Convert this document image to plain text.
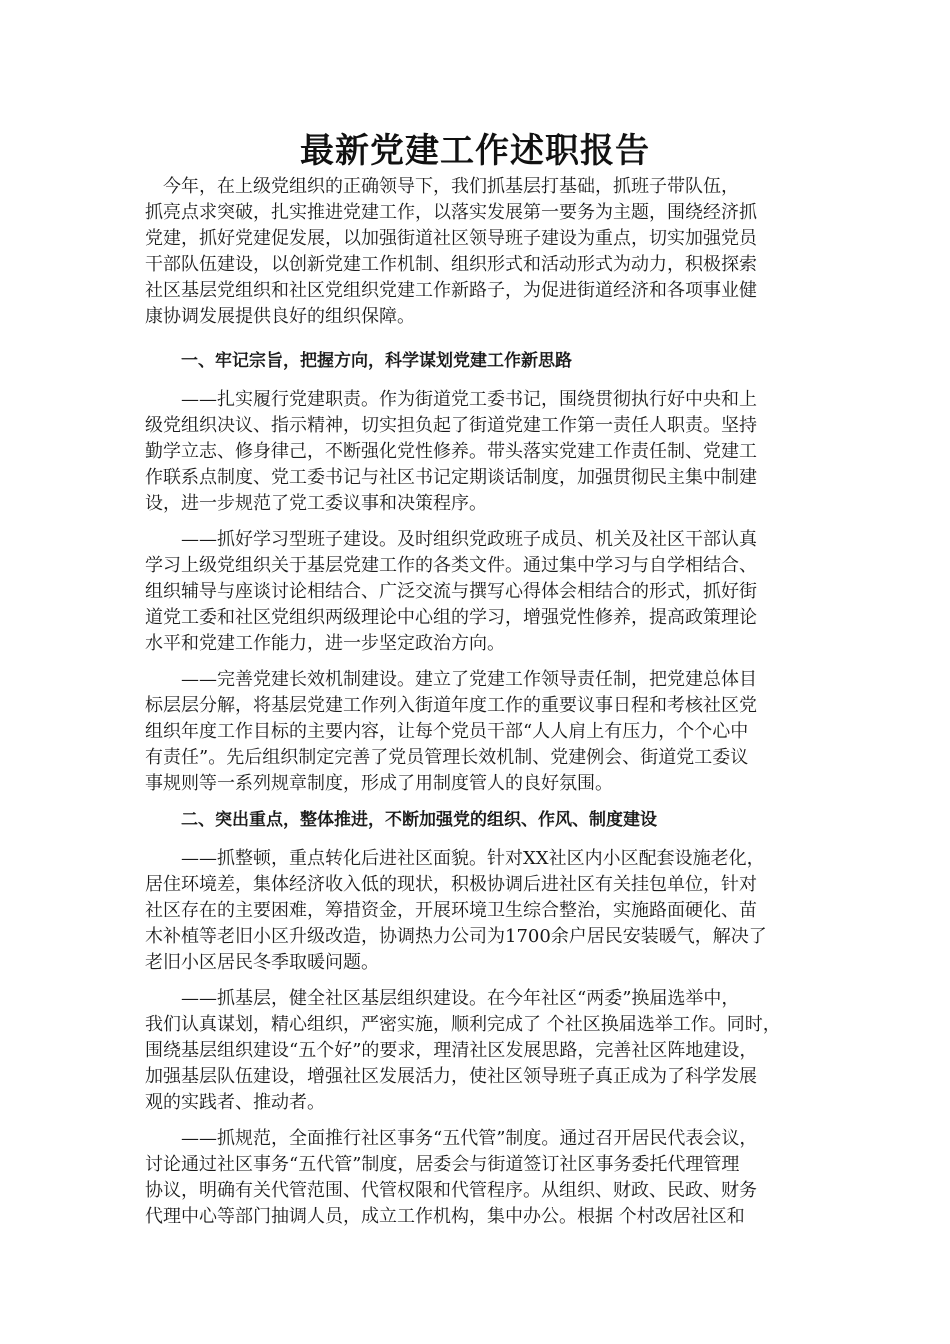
最新党建工作述职报告
　今年，在上级党组织的正确领导下，我们抓基层打基础，抓班子带队伍，
抓亮点求突破，扎实推进党建工作，以落实发展第一要务为主题，围绕经济抓
党建，抓好党建促发展，以加强街道社区领导班子建设为重点，切实加强党员
干部队伍建设，以创新党建工作机制、组织形式和活动形式为动力，积极探索
社区基层党组织和社区党组织党建工作新路子，为促进街道经济和各项事业健
康协调发展提供良好的组织保障。
一、牢记宗旨，把握方向，科学谋划党建工作新思路
　　——扎实履行党建职责。作为街道党工委书记，围绕贯彻执行好中央和上
级党组织决议、指示精神，切实担负起了街道党建工作第一责任人职责。坚持
勤学立志、修身律己，不断强化党性修养。带头落实党建工作责任制、党建工
作联系点制度、党工委书记与社区书记定期谈话制度，加强贯彻民主集中制建
设，进一步规范了党工委议事和决策程序。
　　——抓好学习型班子建设。及时组织党政班子成员、机关及社区干部认真
学习上级党组织关于基层党建工作的各类文件。通过集中学习与自学相结合、
组织辅导与座谈讨论相结合、广泛交流与撰写心得体会相结合的形式，抓好街
道党工委和社区党组织两级理论中心组的学习，增强党性修养，提高政策理论
水平和党建工作能力，进一步坚定政治方向。
　　——完善党建长效机制建设。建立了党建工作领导责任制，把党建总体目
标层层分解，将基层党建工作列入街道年度工作的重要议事日程和考核社区党
组织年度工作目标的主要内容，让每个党员干部“人人肩上有压力，个个心中
有责任”。先后组织制定完善了党员管理长效机制、党建例会、街道党工委议
事规则等一系列规章制度，形成了用制度管人的良好氛围。
二、突出重点，整体推进，不断加强党的组织、作风、制度建设
　　——抓整顿，重点转化后进社区面貌。针对XX社区内小区配套设施老化，
居住环境差，集体经济收入低的现状，积极协调后进社区有关挂包单位，针对
社区存在的主要困难，筹措资金，开展环境卫生综合整治，实施路面硬化、苗
木补植等老旧小区升级改造，协调热力公司为1700余户居民安装暖气，解决了
老旧小区居民冬季取暖问题。
　　——抓基层，健全社区基层组织建设。在今年社区“两委”换届选举中，
我们认真谋划，精心组织，严密实施，顺利完成了 个社区换届选举工作。同时，
围绕基层组织建设“五个好”的要求，理清社区发展思路，完善社区阵地建设，
加强基层队伍建设，增强社区发展活力，使社区领导班子真正成为了科学发展
观的实践者、推动者。
　　——抓规范，全面推行社区事务“五代管”制度。通过召开居民代表会议，
讨论通过社区事务“五代管”制度，居委会与街道签订社区事务委托代理管理
协议，明确有关代管范围、代管权限和代管程序。从组织、财政、民政、财务
代理中心等部门抽调人员，成立工作机构，集中办公。根据 个村改居社区和
